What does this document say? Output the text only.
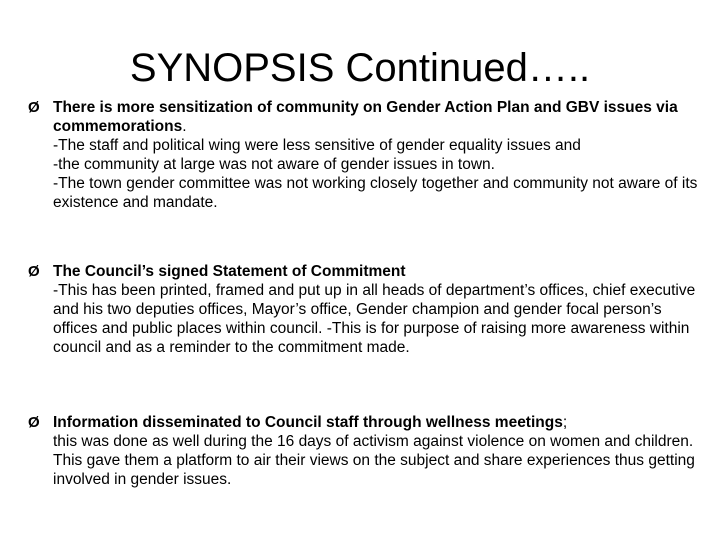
SYNOPSIS Continued…..
Ø There is more sensitization of community on Gender Action Plan and GBV issues via commemorations.
-The staff and political wing were less sensitive of gender equality issues and
-the community at large was not aware of gender issues in town.
-The town gender committee was not working closely together and community not aware of its existence and mandate.
Ø The Council’s signed Statement of Commitment
-This has been printed, framed and put up in all heads of department’s offices, chief executive and his two deputies offices, Mayor’s office, Gender champion and gender focal person’s offices and public places within council. -This is for purpose of raising more awareness within council and as a reminder to the commitment made.
Ø Information disseminated to Council staff through wellness meetings;
this was done as well during the 16 days of activism against violence on women and children. This gave them a platform to air their views on the subject and share experiences thus getting involved in gender issues.
